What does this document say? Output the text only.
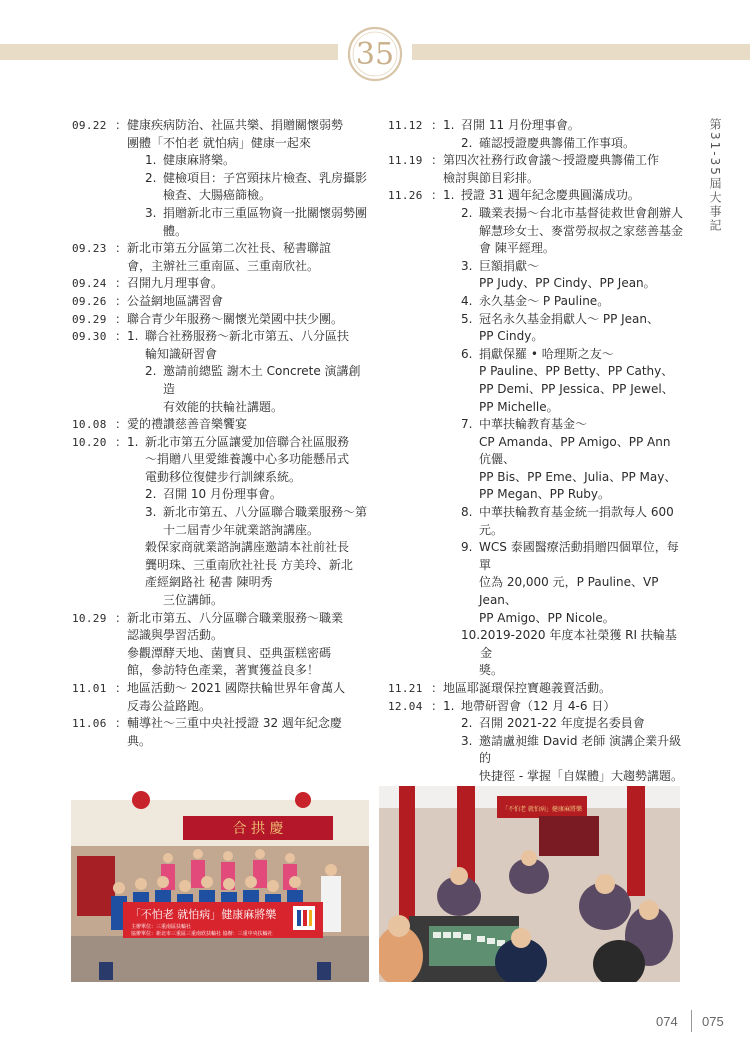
35
第31-35屆大事記
09.22 ： 健康疾病防治、社區共樂、捐贈關懷弱勢
團體「不怕老 就怕病」健康一起來
1. 健康麻將樂。
2. 健檢項目：子宮頸抹片檢查、乳房攝影
檢查、大腸癌篩檢。
3. 捐贈新北市三重區物資一批關懷弱勢團
體。
09.23 ： 新北市第五分區第二次社長、秘書聯誼
會，主辦社三重南區、三重南欣社。
09.24 ： 召開九月理事會。
09.26 ： 公益網地區講習會
09.29 ： 聯合青少年服務～關懷光榮國中扶少團。
09.30 ： 1. 聯合社務服務～新北市第五、八分區扶
輪知識研習會
2. 邀請前總監 謝木土 Concrete 演講創造
有效能的扶輪社講題。
10.08 ： 愛的禮讚慈善音樂饗宴
10.20 ： 1. 新北市第五分區讓愛加倍聯合社區服務
～捐贈八里愛維養護中心多功能懸吊式
電動移位復健步行訓練系統。
2. 召開 10 月份理事會。
3. 新北市第五、八分區聯合職業服務～第
十二屆青少年就業諮詢講座。
穀保家商就業諮詢講座邀請本社前社長
龔明珠、三重南欣社社長 方美玲、新北
產經網路社 秘書 陳明秀
三位講師。
10.29 ： 新北市第五、八分區聯合職業服務～職業
認識與學習活動。
參觀潭酵天地、菌寶貝、亞典蛋糕密碼
館，參訪特色產業，著實獲益良多！
11.01 ： 地區活動～ 2021 國際扶輪世界年會萬人
反毒公益路跑。
11.06 ： 輔導社～三重中央社授證 32 週年紀念慶
典。
11.12 ： 1. 召開 11 月份理事會。
2. 確認授證慶典籌備工作事項。
11.19 ： 第四次社務行政會議～授證慶典籌備工作
檢討與節目彩排。
11.26 ： 1. 授證 31 週年紀念慶典圓滿成功。
2. 職業表揚～台北市基督徒救世會創辦人
解慧珍女士、麥當勞叔叔之家慈善基金
會 陳平經理。
3. 巨額捐獻～
PP Judy、PP Cindy、PP Jean。
4. 永久基金～ P Pauline。
5. 冠名永久基金捐獻人～ PP Jean、
PP Cindy。
6. 捐獻保羅 • 哈理斯之友～
P Pauline、PP Betty、PP Cathy、
PP Demi、PP Jessica、PP Jewel、
PP Michelle。
7. 中華扶輪教育基金～
CP Amanda、PP Amigo、PP Ann 伉儷、
PP Bis、PP Eme、Julia、PP May、
PP Megan、PP Ruby。
8. 中華扶輪教育基金統一捐款每人 600
元。
9. WCS 泰國醫療活動捐贈四個單位，每單
位為 20,000 元，P Pauline、VP Jean、
PP Amigo、PP Nicole。
10. 2019-2020 年度本社榮獲 RI 扶輪基金
獎。
11.21 ： 地區耶誕環保控寶趣義賣活動。
12.04 ： 1. 地帶研習會（12 月 4-6 日）
2. 召開 2021-22 年度提名委員會
3. 邀請盧昶維 David 老師 演講企業升級的
快捷徑 - 掌握「自媒體」大趨勢講題。
合 拱 慶
「不怕老 就怕病」健康麻將樂
主辦單位：三重南區扶輪社
協辦單位：新北市三重區三重南欣扶輪社 協辦：三重中央扶輪社
「不怕老 就怕病」健康麻將樂
074 075
